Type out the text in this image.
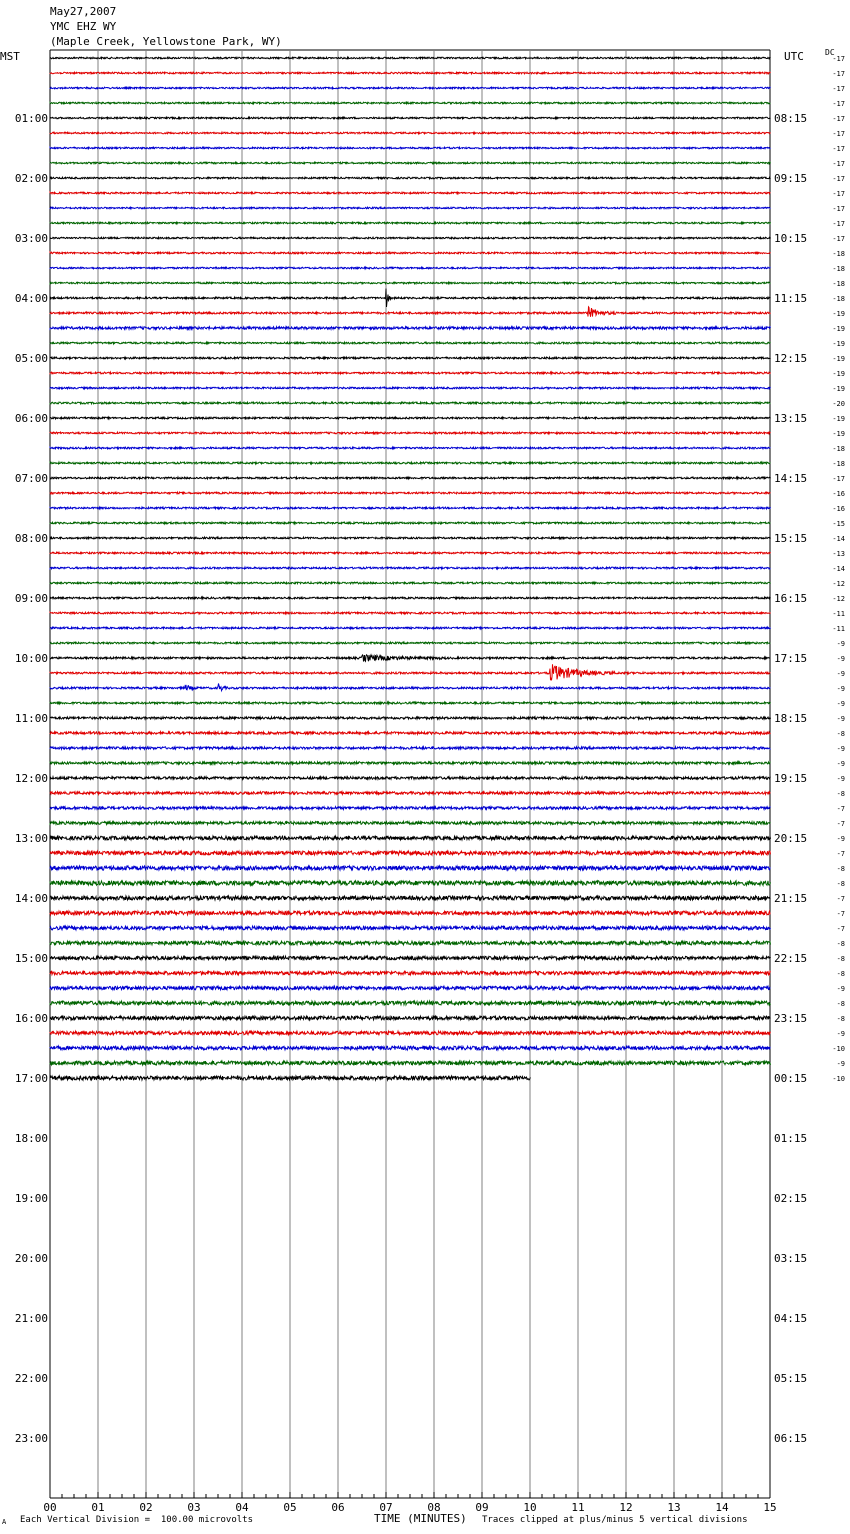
May27,2007
YMC EHZ WY
(Maple Creek, Yellowstone Park, WY)
MST	UTC	DC
00	01	02	03	04	05	06	07	08	09	10	11	12	13	14	15
01:00
02:00
03:00
04:00
05:00
06:00
07:00
08:00
09:00
10:00
11:00
12:00
13:00
14:00
15:00
16:00
17:00
18:00
19:00
20:00
21:00
22:00
23:00
08:15
09:15
10:15
11:15
12:15
13:15
14:15
15:15
16:15
17:15
18:15
19:15
20:15
21:15
22:15
23:15
00:15
01:15
02:15
03:15
04:15
05:15
06:15
-17
-17
-17
-17
-17
-17
-17
-17
-17
-17
-17
-17
-17
-18
-18
-18
-18
-19
-19
-19
-19
-19
-19
-20
-19
-19
-18
-18
-17
-16
-16
-15
-14
-13
-14
-12
-12
-11
-11
-9
-9
-9
-9
-9
-9
-8
-9
-9
-9
-8
-7
-7
-9
-7
-8
-8
-7
-7
-7
-8
-8
-8
-9
-8
-8
-9
-10
-9
-10
A Each Vertical Division =  100.00 microvolts	TIME (MINUTES) Traces clipped at plus/minus 5 vertical divisions
